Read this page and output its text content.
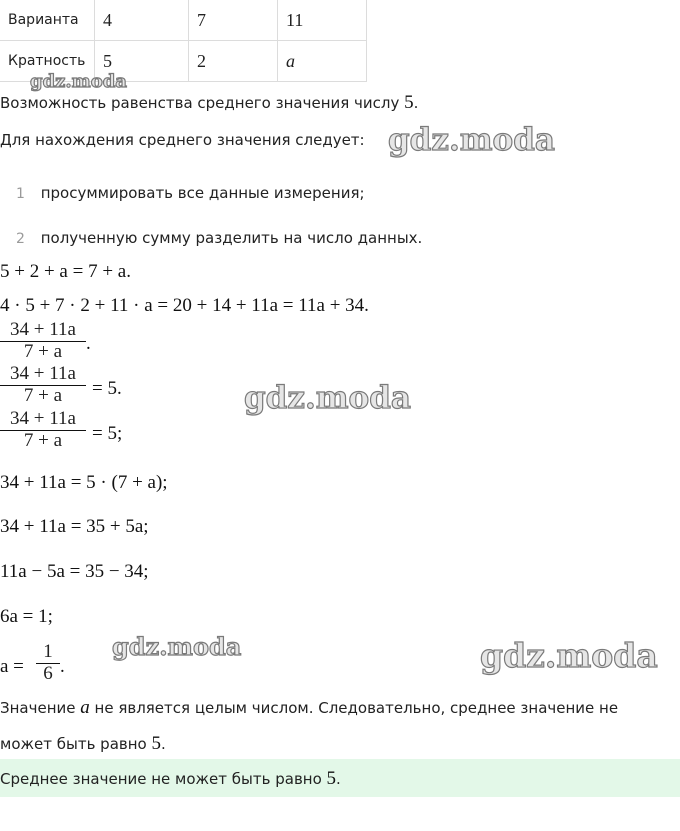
Варианта	4	7	11
Кратность	5	2	a
Возможность равенства среднего значения числу 5.
Для нахождения среднего значения следует:
1 просуммировать все данные измерения;
2 полученную сумму разделить на число данных.
5 + 2 + a = 7 + a.
4 · 5 + 7 · 2 + 11 · a = 20 + 14 + 11a = 11a + 34.
34 + 11a
7 + a	.
34 + 11a
7 + a	= 5.
34 + 11a
7 + a	= 5;
34 + 11a = 5 · (7 + a);
34 + 11a = 35 + 5a;
11a − 5a = 35 − 34;
6a = 1;
a =
1
6 .
Значение a не является целым числом. Следовательно, среднее значение не
может быть равно 5.
Среднее значение не может быть равно 5.
gdz.moda
gdz.moda
gdz.moda
gdz.moda	gdz.moda
